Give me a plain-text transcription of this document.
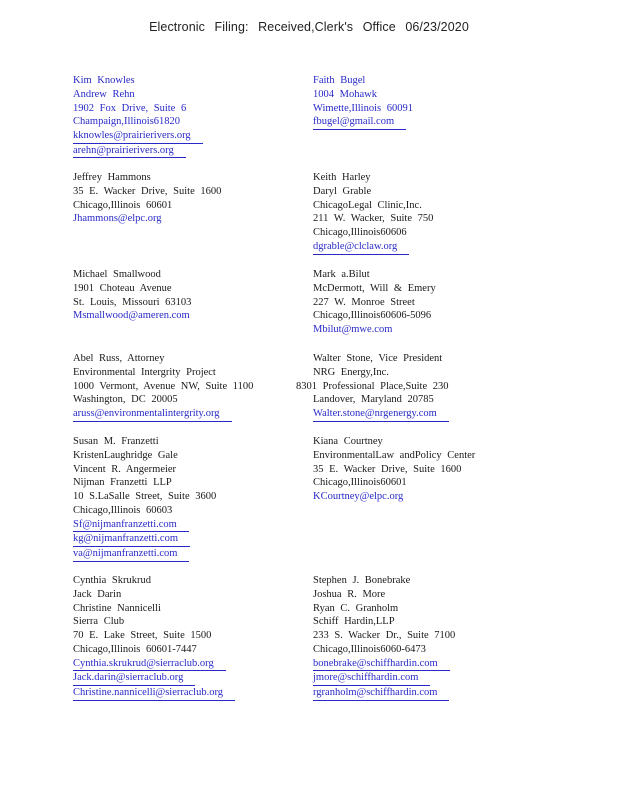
Electronic Filing: Received,Clerk's Office 06/23/2020
Kim Knowles
Andrew Rehn
1902 Fox Drive, Suite 6
Champaign,Illinois61820
kknowles@prairierivers.org
arehn@prairierivers.org
Faith Bugel
1004 Mohawk
Wimette,Illinois 60091
fbugel@gmail.com
Jeffrey Hammons
35 E. Wacker Drive, Suite 1600
Chicago,Illinois 60601
Jhammons@elpc.org
Keith Harley
Daryl Grable
ChicagoLegal Clinic,Inc.
211 W. Wacker, Suite 750
Chicago,Illinois60606
dgrable@clclaw.org
Michael Smallwood
1901 Choteau Avenue
St. Louis, Missouri 63103
Msmallwood@ameren.com
Mark a.Bilut
McDermott, Will & Emery
227 W. Monroe Street
Chicago,Illinois60606-5096
Mbilut@mwe.com
Abel Russ, Attorney
Environmental Intergrity Project
1000 Vermont, Avenue NW, Suite 1100
Washington, DC 20005
aruss@environmentalintergrity.org
Walter Stone, Vice President
NRG Energy,Inc.
8301 Professional Place,Suite 230
Landover, Maryland 20785
Walter.stone@nrgenergy.com
Susan M. Franzetti
KristenLaughridge Gale
Vincent R. Angermeier
Nijman Franzetti LLP
10 S.LaSalle Street, Suite 3600
Chicago,Illinois 60603
Sf@nijmanfranzetti.com
kg@nijmanfranzetti.com
va@nijmanfranzetti.com
Kiana Courtney
EnvironmentalLaw andPolicy Center
35 E. Wacker Drive, Suite 1600
Chicago,Illinois60601
KCourtney@elpc.org
Cynthia Skrukrud
Jack Darin
Christine Nannicelli
Sierra Club
70 E. Lake Street, Suite 1500
Chicago,Illinois 60601-7447
Cynthia.skrukrud@sierraclub.org
Jack.darin@sierraclub.org
Christine.nannicelli@sierraclub.org
Stephen J. Bonebrake
Joshua R. More
Ryan C. Granholm
Schiff Hardin,LLP
233 S. Wacker Dr., Suite 7100
Chicago,Illinois6060-6473
bonebrake@schiffhardin.com
jmore@schiffhardin.com
rgranholm@schiffhardin.com
